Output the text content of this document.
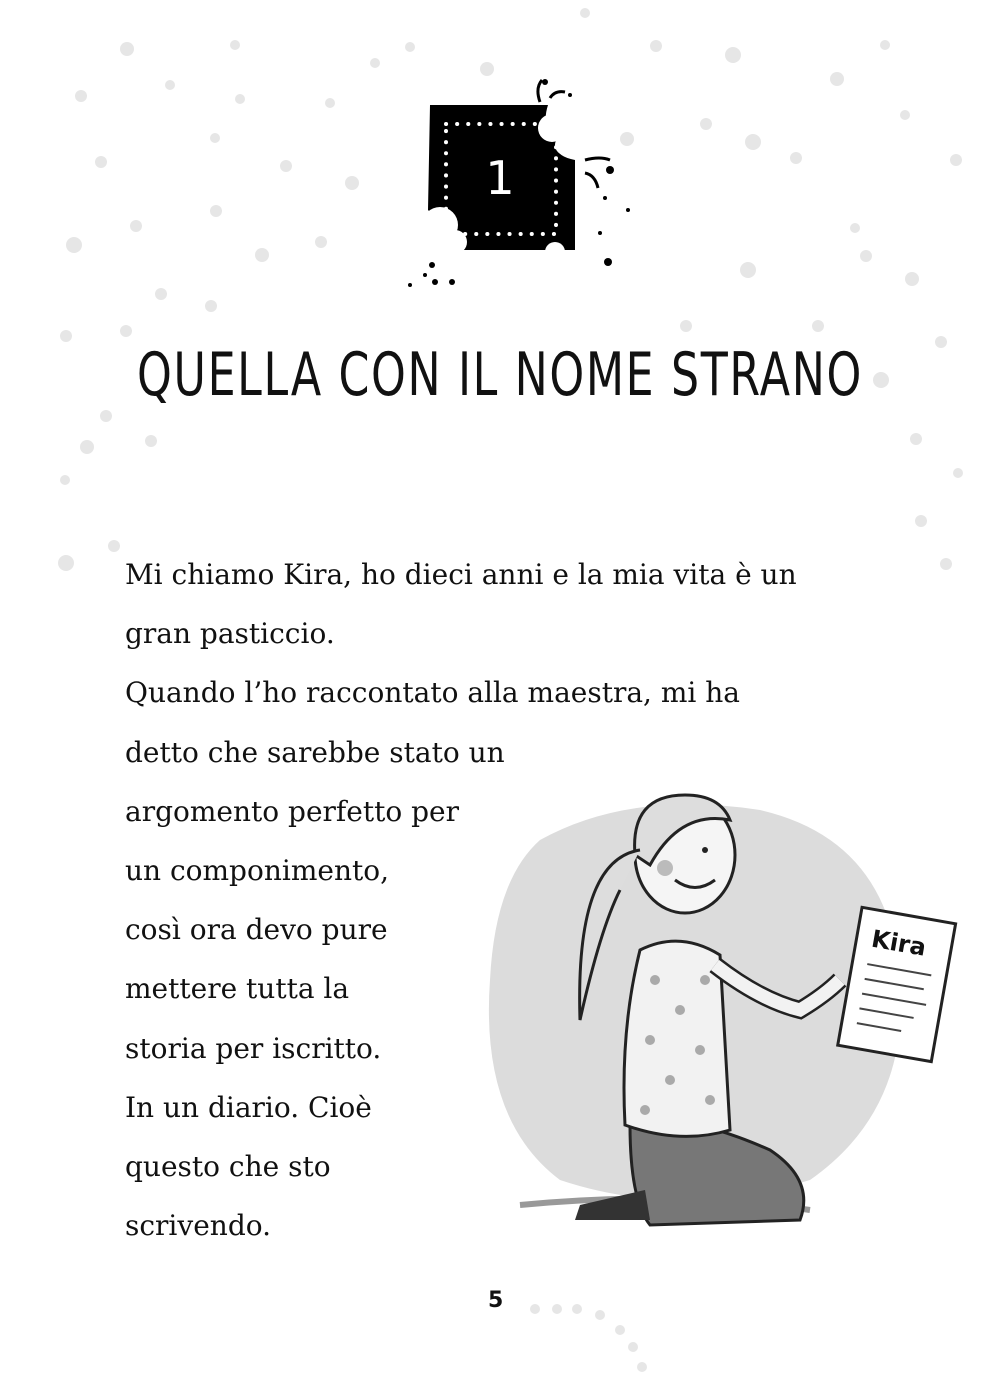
1
QUELLA CON IL NOME STRANO
Mi chiamo Kira, ho dieci anni e la mia vita è un
gran pasticcio.
Quando l’ho raccontato alla maestra, mi ha
detto che sarebbe stato un
argomento perfetto per
un componimento,
così ora devo pure
mettere tutta la
storia per iscritto.
In un diario. Cioè
questo che sto
scrivendo.
Kira
5
